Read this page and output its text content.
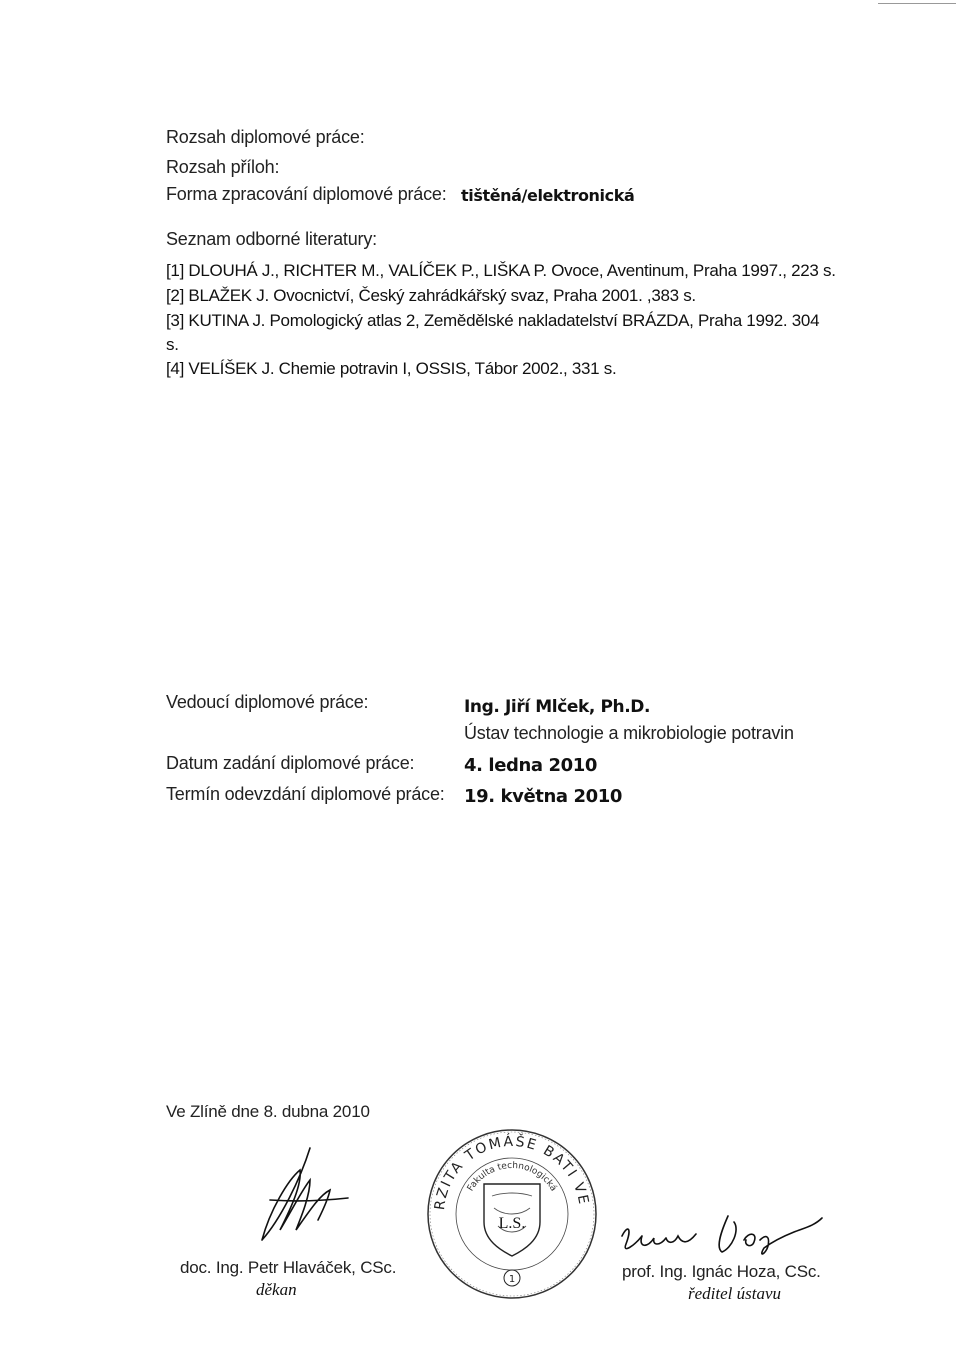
Rozsah diplomové práce:
Rozsah příloh:
Forma zpracování diplomové práce: tištěná/elektronická
Seznam odborné literatury:
[1] DLOUHÁ J., RICHTER M., VALÍČEK P., LIŠKA P. Ovoce, Aventinum, Praha 1997., 223 s.
[2] BLAŽEK J. Ovocnictví, Český zahrádkářský svaz, Praha 2001. ,383 s.
[3] KUTINA J. Pomologický atlas 2, Zemědělské nakladatelství BRÁZDA, Praha 1992. 304
s.
[4] VELÍŠEK J. Chemie potravin I, OSSIS, Tábor 2002., 331 s.
Vedoucí diplomové práce:	Ing. Jiří Mlček, Ph.D.
Ústav technologie a mikrobiologie potravin
Datum zadání diplomové práce:	4. ledna 2010
Termín odevzdání diplomové práce: 19. května 2010
Ve Zlíně dne 8. dubna 2010
doc. Ing. Petr Hlaváček, CSc.
děkan
UNIVERZITA TOMÁŠE BATI VE ZLÍNĚ
Fakulta technologická
L.S.
1	prof. Ing. Ignác Hoza, CSc.
ředitel ústavu
